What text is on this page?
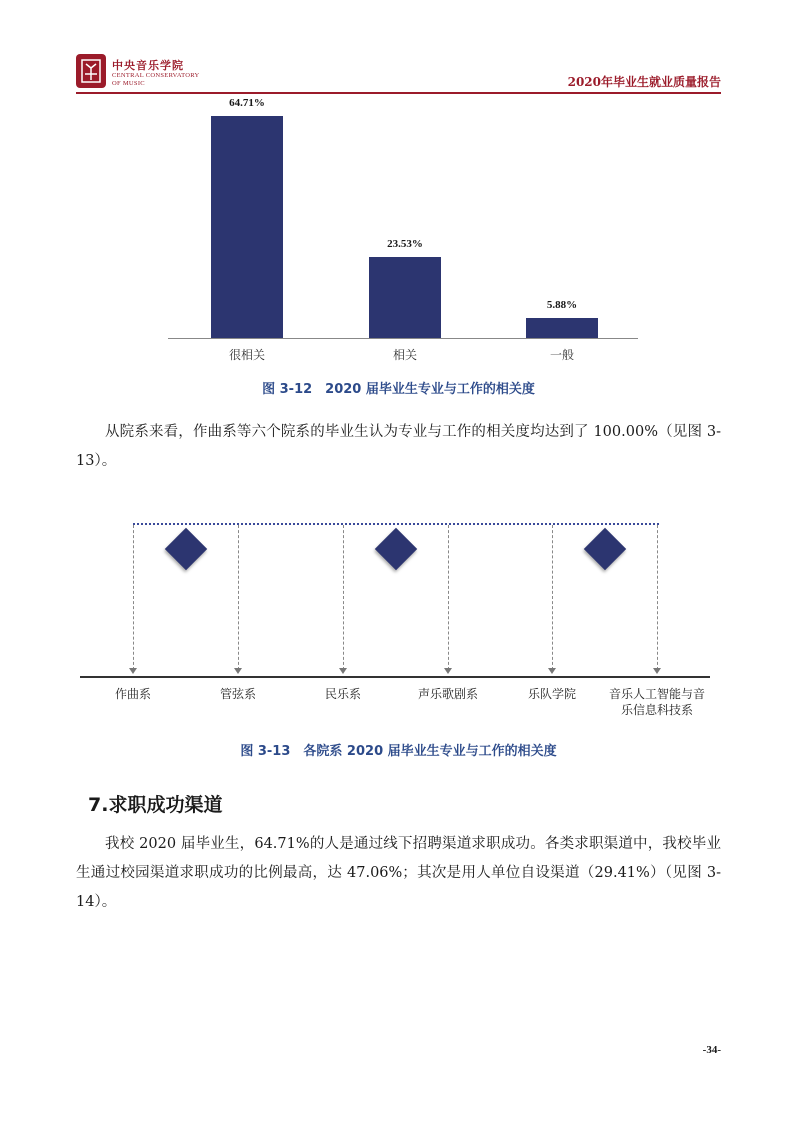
中央音乐学院
CENTRAL CONSERVATORY
OF MUSIC	2020年毕业生就业质量报告
64.71%
很相关
23.53%
相关
5.88%
一般
图 3-12　2020 届毕业生专业与工作的相关度
从院系来看，作曲系等六个院系的毕业生认为专业与工作的相关度均达到了 100.00%（见图 3-13）。
作曲系	管弦系	民乐系	声乐歌剧系	乐队学院	音乐人工智能与音
乐信息科技系
图 3-13　各院系 2020 届毕业生专业与工作的相关度
7.求职成功渠道
我校 2020 届毕业生，64.71%的人是通过线下招聘渠道求职成功。各类求职渠道中，我校毕业生通过校园渠道求职成功的比例最高，达 47.06%；其次是用人单位自设渠道（29.41%）（见图 3-14）。
-34-
